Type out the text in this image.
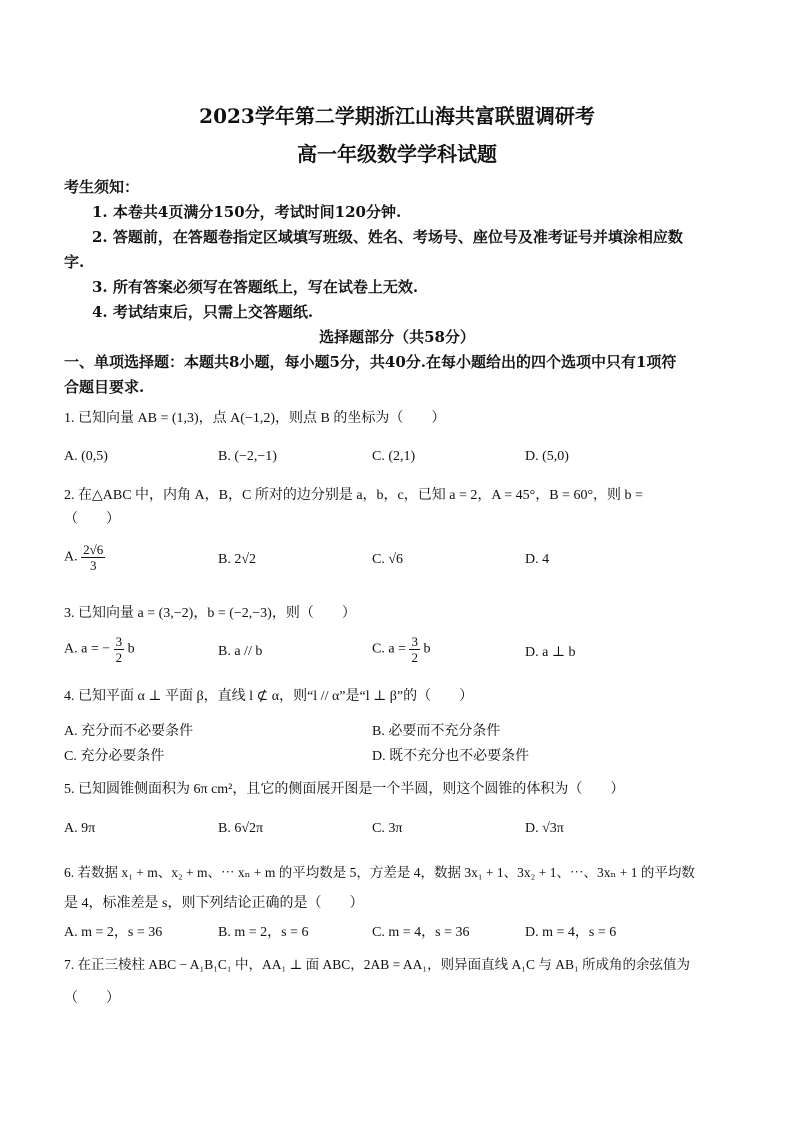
2023学年第二学期浙江山海共富联盟调研考
高一年级数学学科试题
考生须知：
1. 本卷共4页满分150分，考试时间120分钟.
2. 答题前，在答题卷指定区域填写班级、姓名、考场号、座位号及准考证号并填涂相应数
字.
3. 所有答案必须写在答题纸上，写在试卷上无效.
4. 考试结束后，只需上交答题纸.
选择题部分（共58分）
一、单项选择题：本题共8小题，每小题5分，共40分.在每小题给出的四个选项中只有1项符
合题目要求.
1. 已知向量 AB = (1,3)，点 A(−1,2)，则点 B 的坐标为（　　）
A. (0,5)	B. (−2,−1)	C. (2,1)	D. (5,0)
2. 在△ABC 中，内角 A，B，C 所对的边分别是 a，b，c，已知 a = 2，A = 45°，B = 60°，则 b =
（　　）
A. $\frac{2√6}{3}$	B. 2√2	C. √6	D. 4
3. 已知向量 a = (3,−2)，b = (−2,−3)，则（　　）
A. a = − $\frac{3}{2}$ b	B. a // b	C. $a = \frac{3}{2}$ b	D. a ⊥ b
4. 已知平面 α ⊥ 平面 β，直线 l ⊄ α，则“l // α”是“l ⊥ β”的（　　）
A. 充分而不必要条件	B. 必要而不充分条件
C. 充分必要条件	D. 既不充分也不必要条件
5. 已知圆锥侧面积为 6π cm²，且它的侧面展开图是一个半圆，则这个圆锥的体积为（　　）
A. 9π	B. 6√2π	C. 3π	D. √3π
6. 若数据 x₁ + m、x₂ + m、⋯ xₙ + m 的平均数是 5，方差是 4，数据 3x₁ + 1、3x₂ + 1、⋯、3xₙ + 1 的平均数
是 4，标准差是 s，则下列结论正确的是（　　）
A. m = 2，s = 36	B. m = 2，s = 6	C. m = 4，s = 36	D. m = 4，s = 6
7. 在正三棱柱 ABC − A₁B₁C₁ 中，AA₁ ⊥ 面 ABC，2AB = AA₁，则异面直线 A₁C 与 AB₁ 所成角的余弦值为
（　　）
